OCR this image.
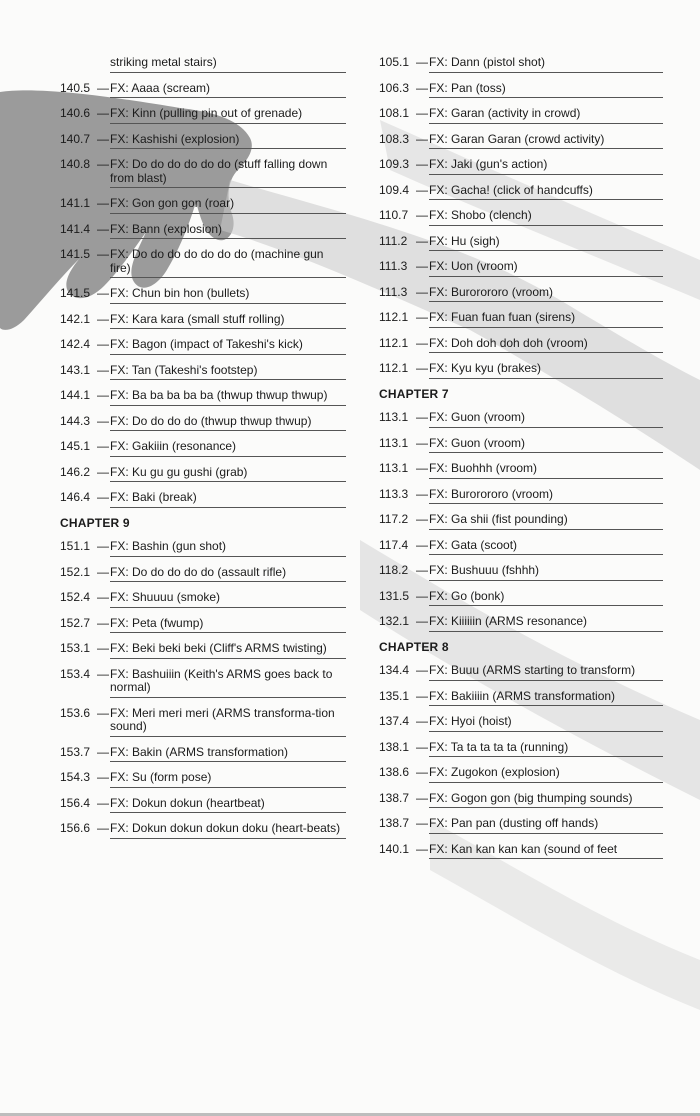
striking metal stairs)
140.5 — FX: Aaaa (scream)
140.6 — FX: Kinn (pulling pin out of grenade)
140.7 — FX: Kashishi (explosion)
140.8 — FX: Do do do do do do (stuff falling down from blast)
141.1 — FX: Gon gon gon (roar)
141.4 — FX: Bann (explosion)
141.5 — FX: Do do do do do do do (machine gun fire)
141.5 — FX: Chun bin hon (bullets)
142.1 — FX: Kara kara (small stuff rolling)
142.4 — FX: Bagon (impact of Takeshi's kick)
143.1 — FX: Tan (Takeshi's footstep)
144.1 — FX: Ba ba ba ba ba (thwup thwup thwup)
144.3 — FX: Do do do do (thwup thwup thwup)
145.1 — FX: Gakiiin (resonance)
146.2 — FX: Ku gu gu gushi (grab)
146.4 — FX: Baki (break)
CHAPTER 9
151.1 — FX: Bashin (gun shot)
152.1 — FX: Do do do do do (assault rifle)
152.4 — FX: Shuuuu (smoke)
152.7 — FX: Peta (fwump)
153.1 — FX: Beki beki beki (Cliff's ARMS twisting)
153.4 — FX: Bashuiiin (Keith's ARMS goes back to normal)
153.6 — FX: Meri meri meri (ARMS transforma-tion sound)
153.7 — FX: Bakin (ARMS transformation)
154.3 — FX: Su (form pose)
156.4 — FX: Dokun dokun (heartbeat)
156.6 — FX: Dokun dokun dokun doku (heart-beats)
105.1 — FX: Dann (pistol shot)
106.3 — FX: Pan (toss)
108.1 — FX: Garan (activity in crowd)
108.3 — FX: Garan Garan (crowd activity)
109.3 — FX: Jaki (gun's action)
109.4 — FX: Gacha! (click of handcuffs)
110.7 — FX: Shobo (clench)
111.2 — FX: Hu (sigh)
111.3 — FX: Uon (vroom)
111.3 — FX: Burorororo (vroom)
112.1 — FX: Fuan fuan fuan (sirens)
112.1 — FX: Doh doh doh doh (vroom)
112.1 — FX: Kyu kyu (brakes)
CHAPTER 7
113.1 — FX: Guon (vroom)
113.1 — FX: Guon (vroom)
113.1 — FX: Buohhh (vroom)
113.3 — FX: Burorororo (vroom)
117.2 — FX: Ga shii (fist pounding)
117.4 — FX: Gata (scoot)
118.2 — FX: Bushuuu (fshhh)
131.5 — FX: Go (bonk)
132.1 — FX: Kiiiiiin (ARMS resonance)
CHAPTER 8
134.4 — FX: Buuu (ARMS starting to transform)
135.1 — FX: Bakiiiin (ARMS transformation)
137.4 — FX: Hyoi (hoist)
138.1 — FX: Ta ta ta ta ta (running)
138.6 — FX: Zugokon (explosion)
138.7 — FX: Gogon gon (big thumping sounds)
138.7 — FX: Pan pan (dusting off hands)
140.1 — FX: Kan kan kan kan (sound of feet
